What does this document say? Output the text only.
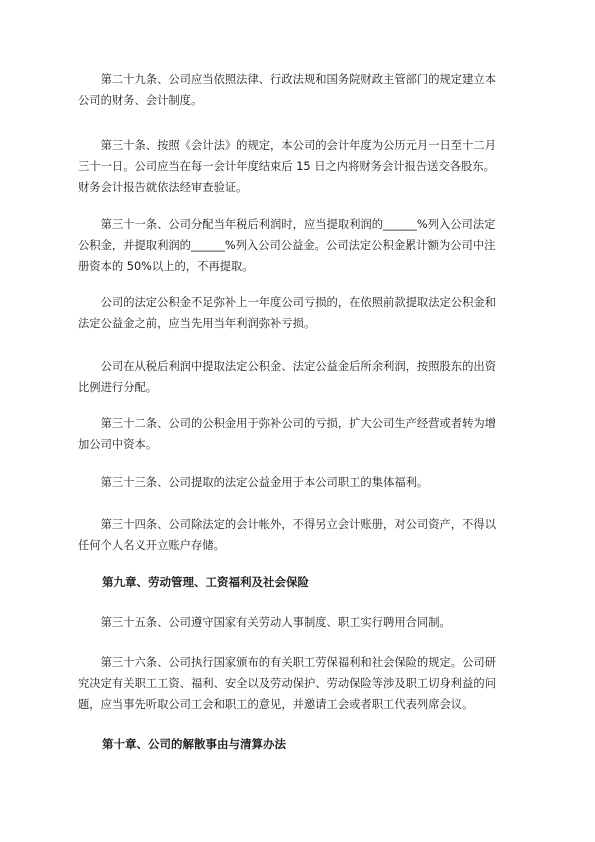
　　第二十九条、公司应当依照法律、行政法规和国务院财政主管部门的规定建立本
公司的财务、会计制度。

　　第三十条、按照《会计法》的规定，本公司的会计年度为公历元月一日至十二月
三十一日。公司应当在每一会计年度结束后 15 日之内将财务会计报告送交各股东。
财务会计报告就依法经审查验证。

　　第三十一条、公司分配当年税后利润时，应当提取利润的______%列入公司法定
公积金，并提取利润的______%列入公司公益金。公司法定公积金累计额为公司中注
册资本的 50%以上的，不再提取。

　　公司的法定公积金不足弥补上一年度公司亏损的，在依照前款提取法定公积金和
法定公益金之前，应当先用当年利润弥补亏损。

　　公司在从税后利润中提取法定公积金、法定公益金后所余利润，按照股东的出资
比例进行分配。

　　第三十二条、公司的公积金用于弥补公司的亏损，扩大公司生产经营或者转为增
加公司中资本。

　　第三十三条、公司提取的法定公益金用于本公司职工的集体福利。

　　第三十四条、公司除法定的会计帐外，不得另立会计账册，对公司资产，不得以
任何个人名义开立账户存储。

第九章、劳动管理、工资福利及社会保险

　　第三十五条、公司遵守国家有关劳动人事制度、职工实行聘用合同制。

　　第三十六条、公司执行国家颁布的有关职工劳保福利和社会保险的规定。公司研
究决定有关职工工资、福利、安全以及劳动保护、劳动保险等涉及职工切身利益的问
题，应当事先听取公司工会和职工的意见，并邀请工会或者职工代表列席会议。

第十章、公司的解散事由与清算办法
